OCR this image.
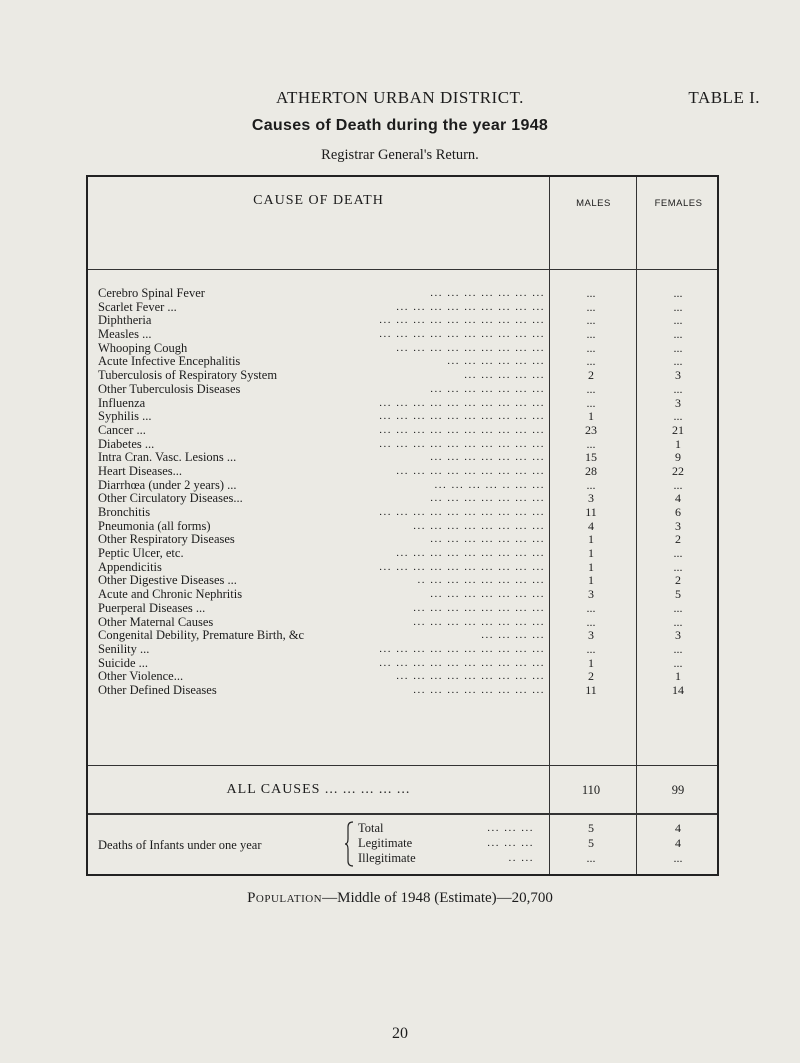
ATHERTON URBAN DISTRICT.	TABLE I.
Causes of Death during the year 1948
Registrar General's Return.
CAUSE OF DEATH	MALES	FEMALES
Cerebro Spinal Fever	... ... ... ... ... ... ...	...	...
Scarlet Fever ...	... ... ... ... ... ... ... ... ...	...	...
Diphtheria	... ... ... ... ... ... ... ... ... ...	...	...
Measles ...	... ... ... ... ... ... ... ... ... ...	...	...
Whooping Cough	... ... ... ... ... ... ... ... ...	...	...
Acute Infective Encephalitis	... ... ... ... ... ...	...	...
Tuberculosis of Respiratory System	... ... ... ... ...	2	3
Other Tuberculosis Diseases	... ... ... ... ... ... ...	...	...
Influenza	... ... ... ... ... ... ... ... ... ...	...	3
Syphilis ...	... ... ... ... ... ... ... ... ... ...	1	...
Cancer ...	... ... ... ... ... ... ... ... ... ...	23	21
Diabetes ...	... ... ... ... ... ... ... ... ... ...	...	1
Intra Cran. Vasc. Lesions ...	... ... ... ... ... ... ...	15	9
Heart Diseases...	... ... ... ... ... ... ... ... ...	28	22
Diarrhœa (under 2 years) ...	... ... ... ... .. ... ...	...	...
Other Circulatory Diseases...	... ... ... ... ... ... ...	3	4
Bronchitis	... ... ... ... ... ... ... ... ... ...	11	6
Pneumonia (all forms)	... ... ... ... ... ... ... ...	4	3
Other Respiratory Diseases	... ... ... ... ... ... ...	1	2
Peptic Ulcer, etc.	... ... ... ... ... ... ... ... ...	1	...
Appendicitis	... ... ... ... ... ... ... ... ... ...	1	...
Other Digestive Diseases ...	.. ... ... ... ... ... ... ...	1	2
Acute and Chronic Nephritis	... ... ... ... ... ... ...	3	5
Puerperal Diseases ...	... ... ... ... ... ... ... ...	...	...
Other Maternal Causes	... ... ... ... ... ... ... ...	...	...
Congenital Debility, Premature Birth, &c	... ... ... ...	3	3
Senility ...	... ... ... ... ... ... ... ... ... ...	...	...
Suicide ...	... ... ... ... ... ... ... ... ... ...	1	...
Other Violence...	... ... ... ... ... ... ... ... ...	2	1
Other Defined Diseases	... ... ... ... ... ... ... ...	11	14
ALL CAUSES ... ... ... ... ...	110	99
Deaths of Infants under one year
Total	... ... ...	5	4
Legitimate	... ... ...	5	4
Illegitimate	.. ...	...	...
Population—Middle of 1948 (Estimate)—20,700
20
